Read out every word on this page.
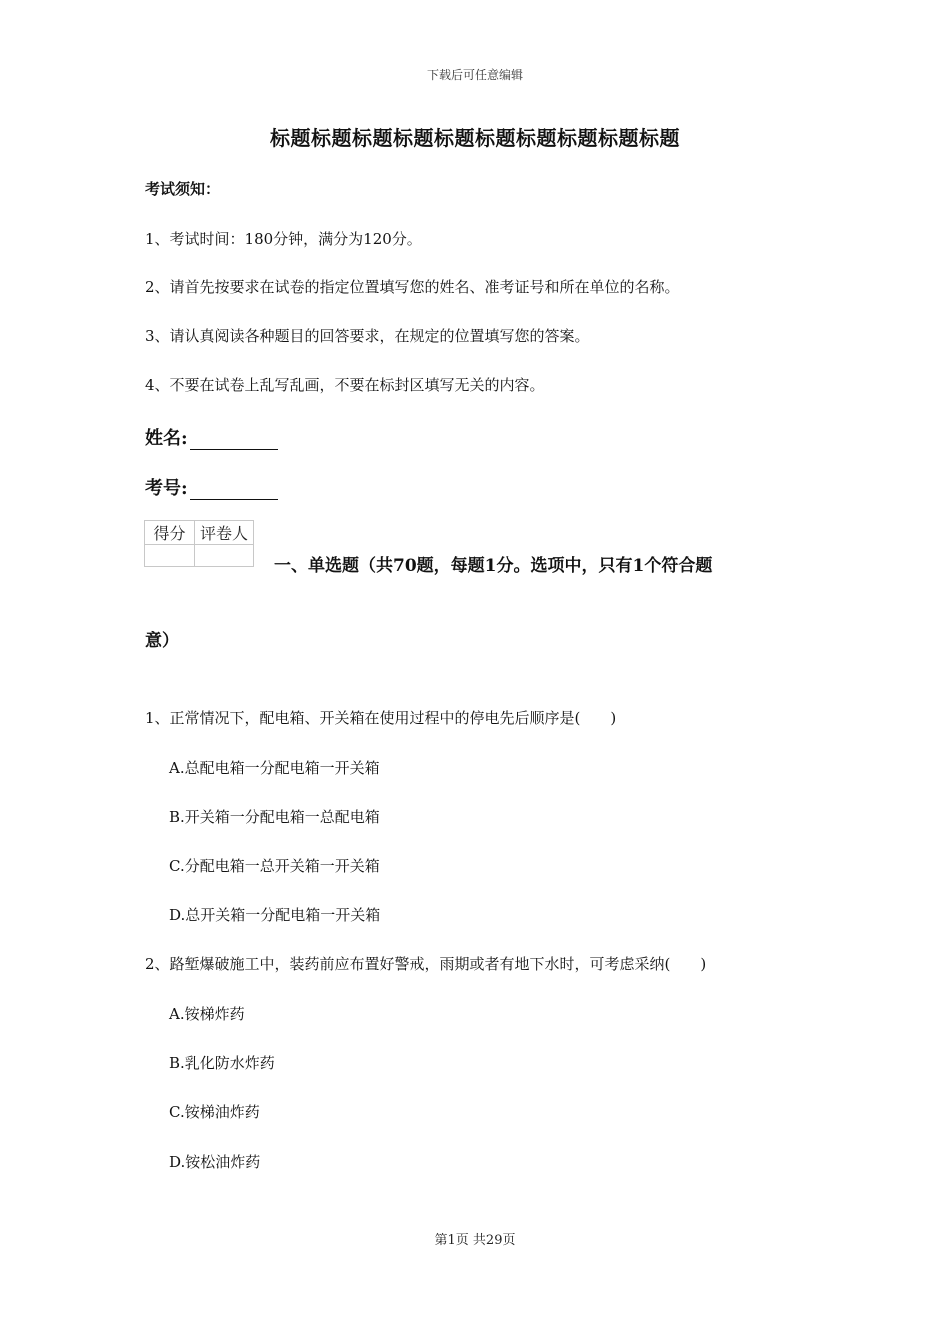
下载后可任意编辑
标题标题标题标题标题标题标题标题标题标题
考试须知：
1、考试时间：180分钟，满分为120分。
2、请首先按要求在试卷的指定位置填写您的姓名、准考证号和所在单位的名称。
3、请认真阅读各种题目的回答要求，在规定的位置填写您的答案。
4、不要在试卷上乱写乱画，不要在标封区填写无关的内容。
姓名:
考号:
得分	评卷人

一、单选题（共70题，每题1分。选项中，只有1个符合题
意）
1、正常情况下，配电箱、开关箱在使用过程中的停电先后顺序是(　　)
A.总配电箱一分配电箱一开关箱
B.开关箱一分配电箱一总配电箱
C.分配电箱一总开关箱一开关箱
D.总开关箱一分配电箱一开关箱
2、路堑爆破施工中，装药前应布置好警戒，雨期或者有地下水时，可考虑采纳(　　)
A.铵梯炸药
B.乳化防水炸药
C.铵梯油炸药
D.铵松油炸药
第1页 共29页
